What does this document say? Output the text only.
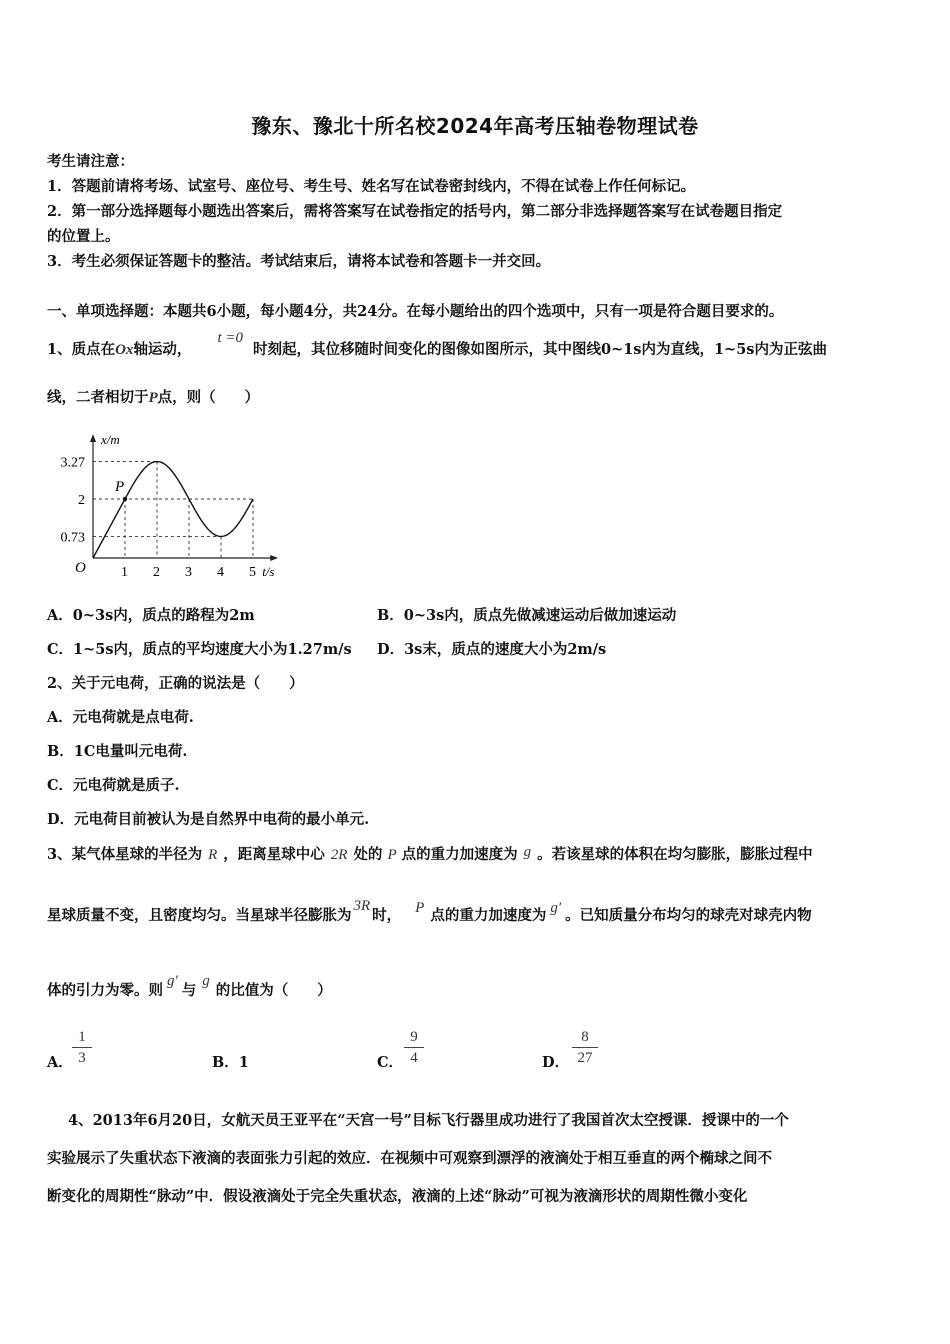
豫东、豫北十所名校2024年高考压轴卷物理试卷
考生请注意：
1．答题前请将考场、试室号、座位号、考生号、姓名写在试卷密封线内，不得在试卷上作任何标记。
2．第一部分选择题每小题选出答案后，需将答案写在试卷指定的括号内，第二部分非选择题答案写在试卷题目指定
的位置上。
3．考生必须保证答题卡的整洁。考试结束后，请将本试卷和答题卡一并交回。
一、单项选择题：本题共6小题，每小题4分，共24分。在每小题给出的四个选项中，只有一项是符合题目要求的。
1、质点在Ox轴运动，t =0时刻起，其位移随时间变化的图像如图所示，其中图线0~1s内为直线，1~5s内为正弦曲
线，二者相切于P点，则（　　）
P
1 2 3 4 5
0.73
2
3.27
O	t/s
x/m
A．0~3s内，质点的路程为2m	B．0~3s内，质点先做减速运动后做加速运动
C．1~5s内，质点的平均速度大小为1.27m/s D．3s末，质点的速度大小为2m/s
2、关于元电荷，正确的说法是（　　）
A．元电荷就是点电荷.
B．1C电量叫元电荷.
C．元电荷就是质子.
D．元电荷目前被认为是自然界中电荷的最小单元.
3、某气体星球的半径为 R ，距离星球中心 2R 处的 P 点的重力加速度为 g 。若该星球的体积在均匀膨胀，膨胀过程中
星球质量不变，且密度均匀。当星球半径膨胀为3R时， P 点的重力加速度为 g′ 。已知质量分布均匀的球壳对球壳内物
体的引力为零。则g′与g的比值为（　　）
A． $\frac{1}{3}$	B．1	C． $\frac{9}{4}$	D． $\frac{8}{27}$
4、2013年6月20日，女航天员王亚平在“天宫一号”目标飞行器里成功进行了我国首次太空授课．授课中的一个
实验展示了失重状态下液滴的表面张力引起的效应．在视频中可观察到漂浮的液滴处于相互垂直的两个椭球之间不
断变化的周期性“脉动”中．假设液滴处于完全失重状态，液滴的上述“脉动”可视为液滴形状的周期性微小变化
